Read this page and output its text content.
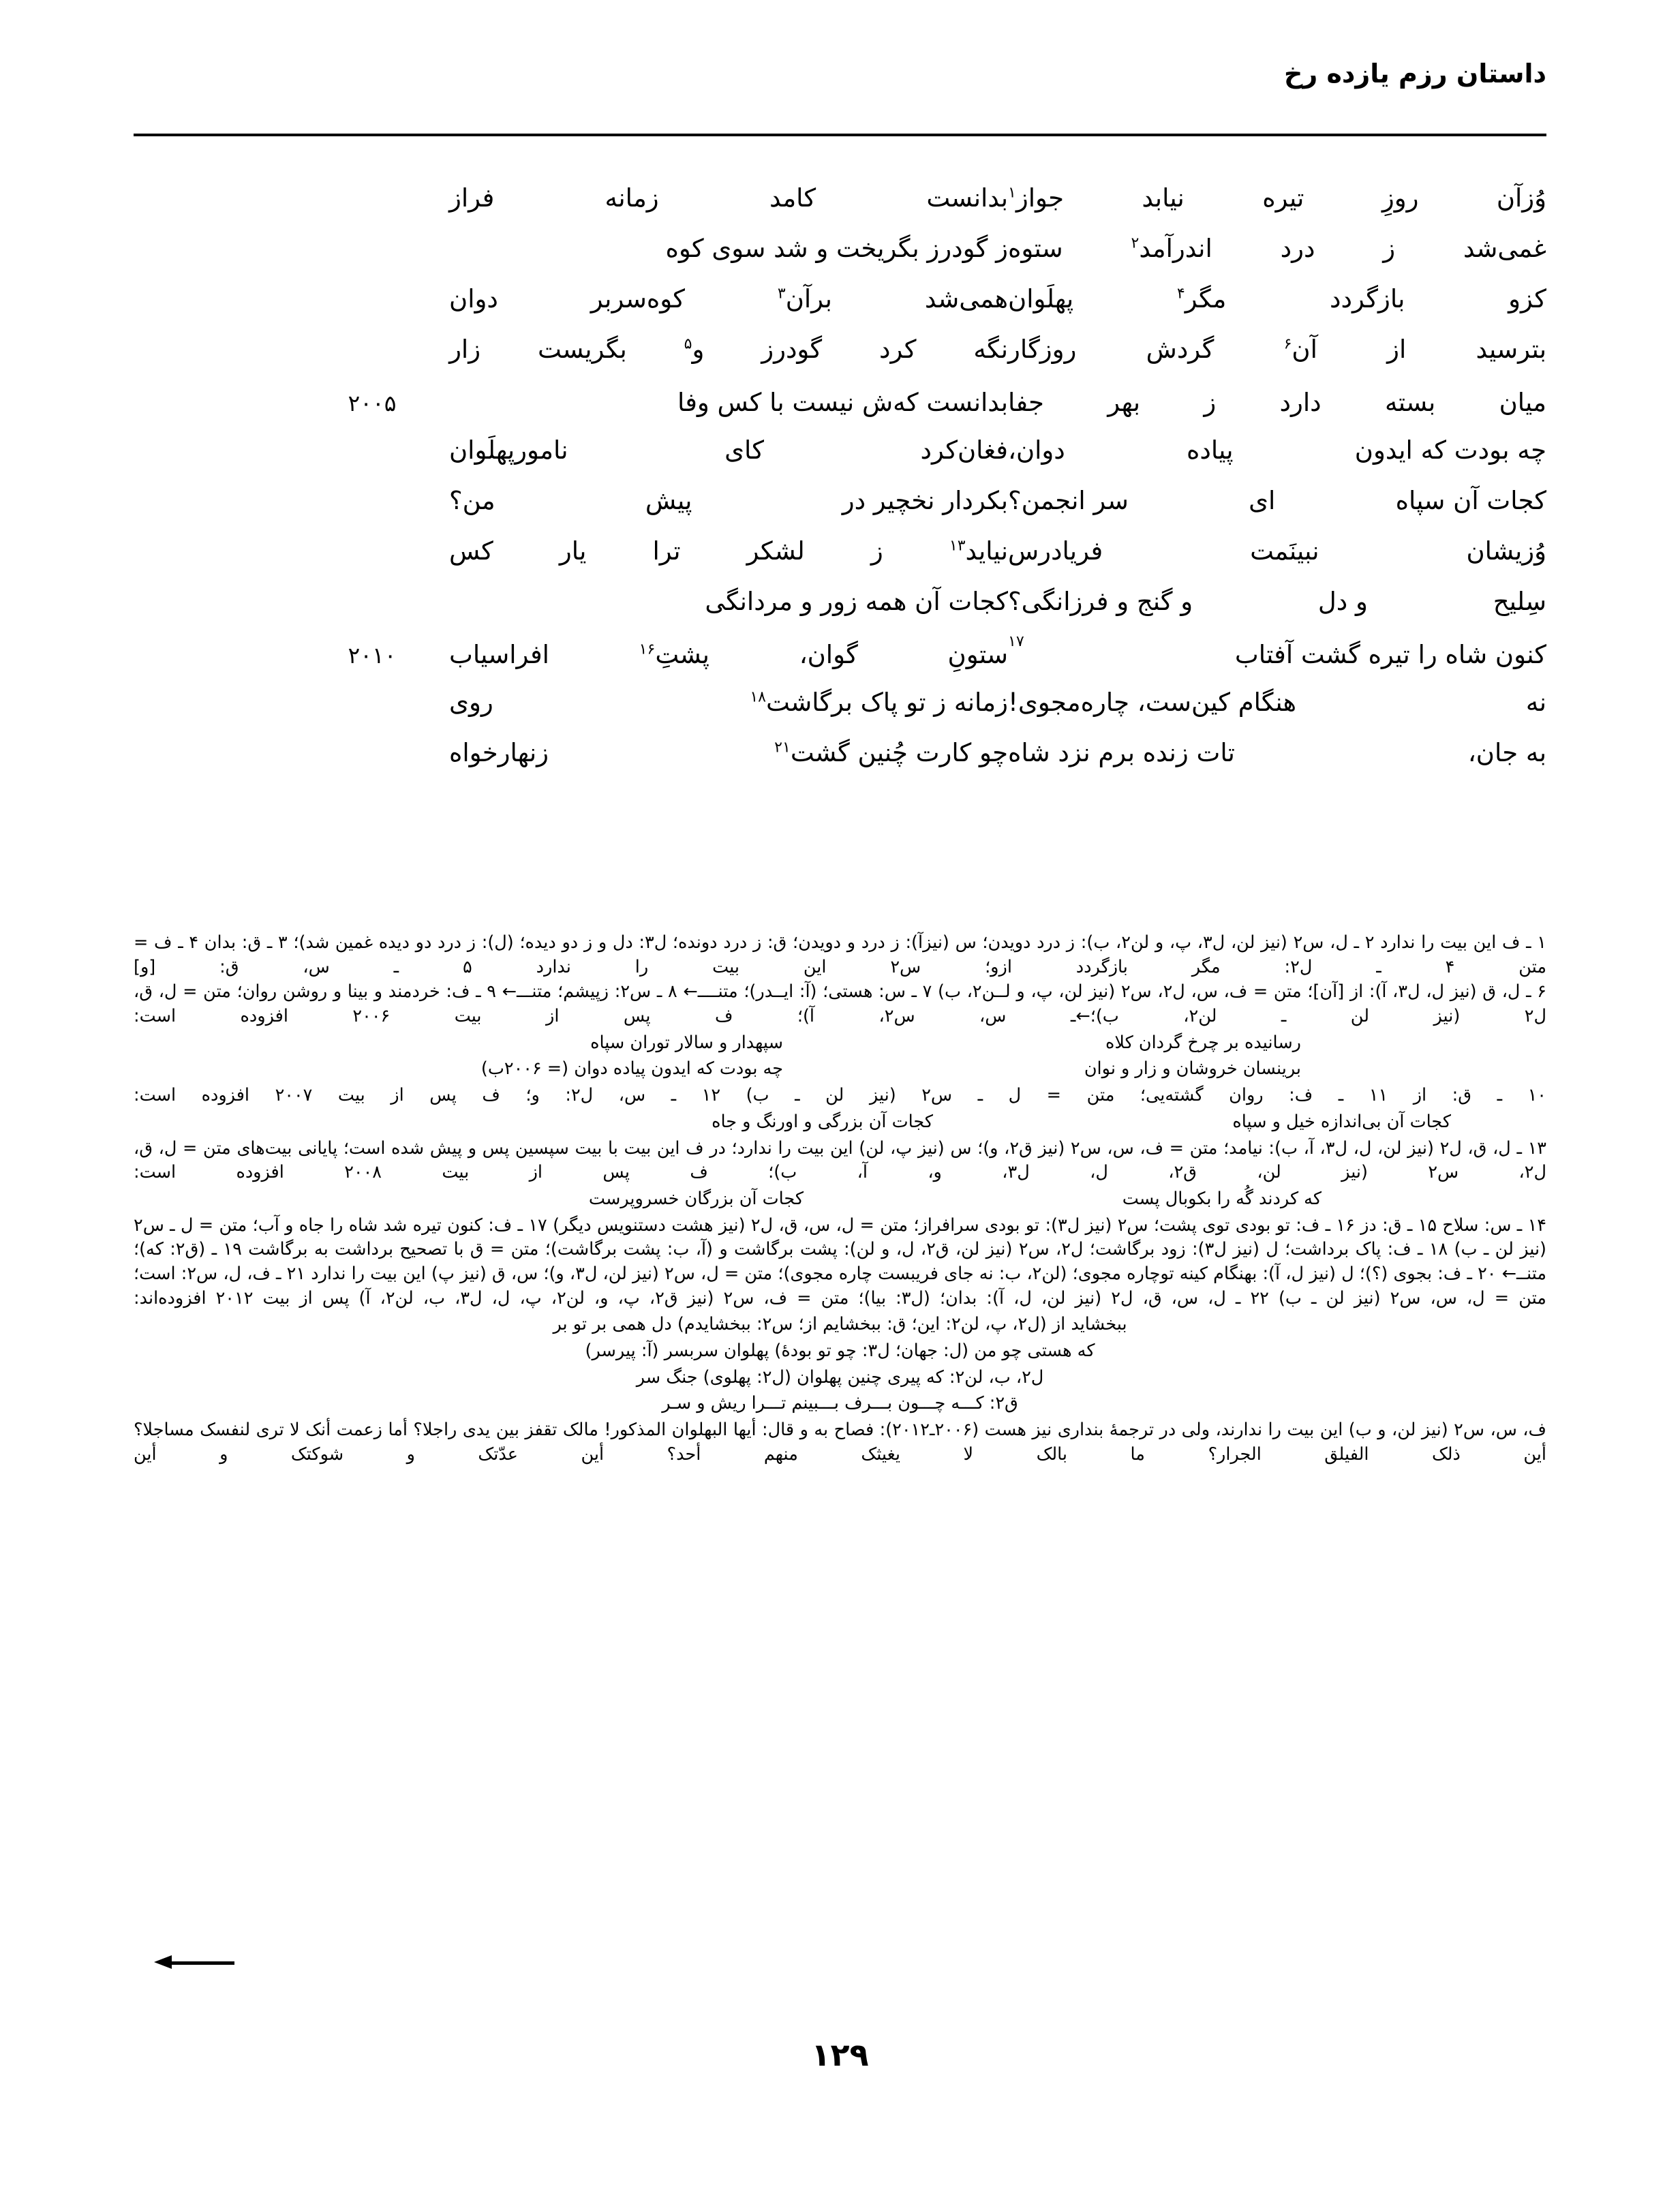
داستان رزم یازده رخ
وُزآن
روزِ
تیره
نیابد
جواز$^۱$
بدانست
کامد
زمانه
فراز
غمی‌شد
ز
درد
اندرآمد$^۲$
ستوه
ز گودرز بگریخت و شد سوی کوه
کزو
بازگردد
مگر$^۴$
پهلَوان
همی‌شد
برآن$^۳$
کوه‌سربر
دوان
بترسید
از
آن$^۶$
گردش
روزگار
نگه
کرد
گودرز
و$^۵$
بگریست
زار
میان
بسته
دارد
ز
بهر
جفا
بدانست که‌ش نیست با کس وفا
۲۰۰۵
چه بودت که ایدون
پیاده
دوان،
فغان‌کرد
کای
نامورپهلَوان
کجات آن سپاه
ای
سر انجمن؟
بکردار نخچیر در
پیش
من؟
وُزیشان
نبینَمت
فریادرس
نیاید$^{۱۳}$
ز
لشکر
ترا
یار
کس
سِلیح
و دل
و گنج و فرزانگی؟
کجات آن همه زور و مردانگی
کنون شاه را تیره گشت آفتاب
۱۷
ستونِ
گوان،
پشتِ$^{۱۶}$
افراسیاب
۲۰۱۰
نه
هنگام کین‌ست، چاره‌مجوی!
زمانه ز تو پاک برگاشت$^{۱۸}$
روی
به جان،
تات زنده برم نزد شاه
چو کارت چُنین گشت$^{۲۱}$
زنهارخواه

۱ ـ ف این بیت را ندارد ۲ ـ ل، س٢ (نیز لن، ل٣، پ، و لن٢، ب): ز درد دویدن؛ س (نیزآ): ز درد و دویدن؛ ق: ز درد دونده؛ ل٣: دل و ز دو دیده؛ (ل): ز درد دو دیده غمین شد)؛ ۳ ـ ق: بدان ۴ ـ ف = متن ۴ ـ ل٢: مگر بازگردد ازو؛ س٢ این بیت را ندارد ۵ ـ س، ق: [و]

۶ ـ ل، ق (نیز ل، ل٣، آ): از [آن]؛ متن = ف، س، ل٢، س٢ (نیز لن، پ، و لــن٢، ب) ۷ ـ س: هستی؛ (آ: ایــدر)؛ متنــــ← ۸ ـ س٢: زپیشم؛ متنـــ← ۹ ـ ف: خردمند و بینا و روشن روان؛ متن = ل، ق، ل٢ (نیز لن ـ لن٢، ب)؛←ـ س، س٢، آ)؛ ف پس از بیت ۲۰۰۶ افزوده است:

رسانیده بر چرخ گردان کلاه
سپهدار و سالار توران سپاه
برینسان خروشان و زار و نوان
چه بودت که ایدون پیاده دوان (= ۲۰۰۶ب)

۱۰ ـ ق: از ۱۱ ـ ف: روان گشته‌یی؛ متن = ل ـ س٢ (نیز لن ـ ب) ۱۲ ـ س، ل٢: و؛ ف پس از بیت ۲۰۰۷ افزوده است:

کجات آن بی‌اندازه خیل و سپاه
کجات آن بزرگی و اورنگ و جاه

۱۳ ـ ل، ق، ل٢ (نیز لن، ل، ل٣، آ، ب): نیامد؛ متن = ف، س، س٢ (نیز ق٢، و)؛ س (نیز پ، لن) این بیت را ندارد؛ در ف این بیت با بیت سپسین پس و پیش شده است؛ پایانی بیت‌های متن = ل، ق، ل٢، س٢ (نیز لن، ق٢، ل، ل٣، و، آ، ب)؛ ف پس از بیت ۲۰۰۸ افزوده است:

که کردند گُه را بکوبال پست
کجات آن بزرگان خسروپرست

۱۴ ـ س: سلاح ۱۵ ـ ق: دز ۱۶ ـ ف: تو بودی توی پشت؛ س٢ (نیز ل٣): تو بودی سرافراز؛ متن = ل، س، ق، ل٢ (نیز هشت دستنویس دیگر) ۱۷ ـ ف: کنون تیره شد شاه را جاه و آب؛ متن = ل ـ س٢ (نیز لن ـ ب) ۱۸ ـ ف: پاک برداشت؛ ل (نیز ل٣): زود برگاشت؛ ل٢، س٢ (نیز لن، ق٢، ل، و لن): پشت برگاشت و (آ، ب: پشت برگاشت)؛ متن = ق با تصحیح برداشت به برگاشت ۱۹ ـ (ق٢: که)؛ متنــ← ۲۰ ـ ف: بجوی (؟)؛ ل (نیز ل، آ): بهنگام کینه توچاره مجوی؛ (لن٢، ب: نه جای فریبست چاره مجوی)؛ متن = ل، س٢ (نیز لن، ل٣، و)؛ س، ق (نیز پ) این بیت را ندارد ۲۱ ـ ف، ل، س٢: است؛ متن = ل، س، س٢ (نیز لن ـ ب) ۲۲ ـ ل، س، ق، ل٢ (نیز لن، ل، آ): بدان؛ (ل٣: بیا)؛ متن = ف، س٢ (نیز ق٢، پ، و، لن٢، پ، ل، ل٣، ب، لن٢، آ) پس از بیت ۲۰۱۲ افزوده‌اند:

ببخشاید از (ل٢، پ، لن٢: این؛ ق: ببخشایم از؛ س٢: ببخشایدم) دل همی بر تو بر
که هستی چو من (ل: جهان؛ ل٣: چو تو بودهٔ) پهلوان سربسر (آ: پیرسر)
ل٢، ب، لن٢: که پیری چنین پهلوان (ل٢: پهلوی) جنگ سر
ق٢: کـــه چـــون بـــرف بـــبینم تـــرا ریش و سـر

ف، س، س٢ (نیز لن، و ب) این بیت را ندارند، ولی در ترجمهٔ بنداری نیز هست (۲۰۰۶ـ۲۰۱۲): فصاح به و قال: أیها البهلوان المذکور! مالک تقفز بین یدی راجلا؟ أما زعمت أنک لا تری لنفسک مساجلا؟ أین ذلک الفیلق الجرار؟ ما بالک لا یغیثک منهم أحد؟ أین عدّتک و شوکتک و أین

۱۲۹
